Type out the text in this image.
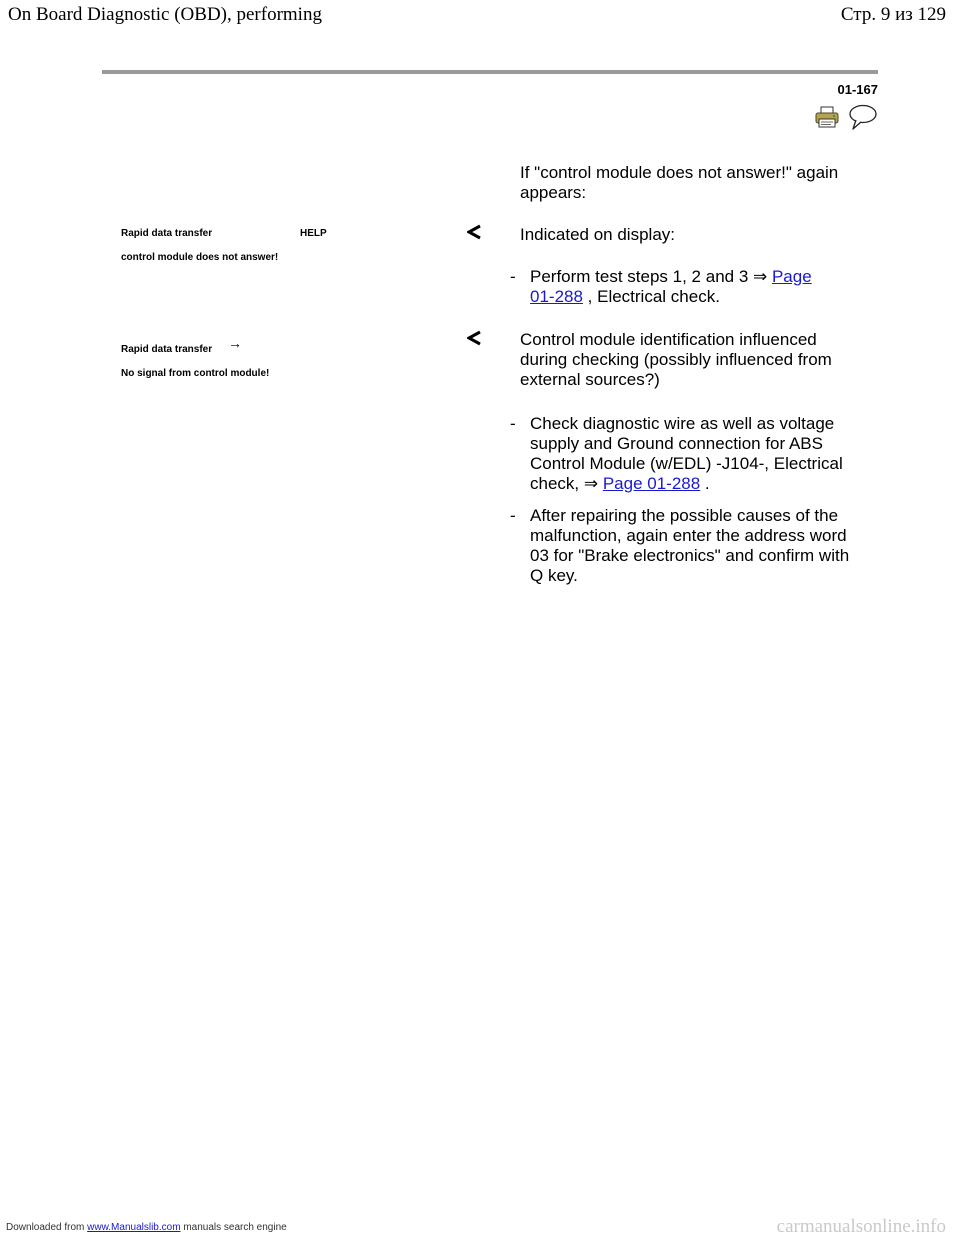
On Board Diagnostic (OBD), performing	Стр. 9 из 129
01-167
If "control module does not answer!" again appears:
Rapid data transfer	HELP
control module does not answer!
Indicated on display:
- Perform test steps 1, 2 and 3 ⇒ Page
01-288 , Electrical check.
Rapid data transfer →
No signal from control module!
Control module identification influenced during checking (possibly influenced from external sources?)
- Check diagnostic wire as well as voltage supply and Ground connection for ABS Control Module (w/EDL) -J104-, Electrical check, ⇒ Page 01-288 .
- After repairing the possible causes of the malfunction, again enter the address word 03 for "Brake electronics" and confirm with Q key.
Downloaded from www.Manualslib.com manuals search engine	carmanualsonline.info
